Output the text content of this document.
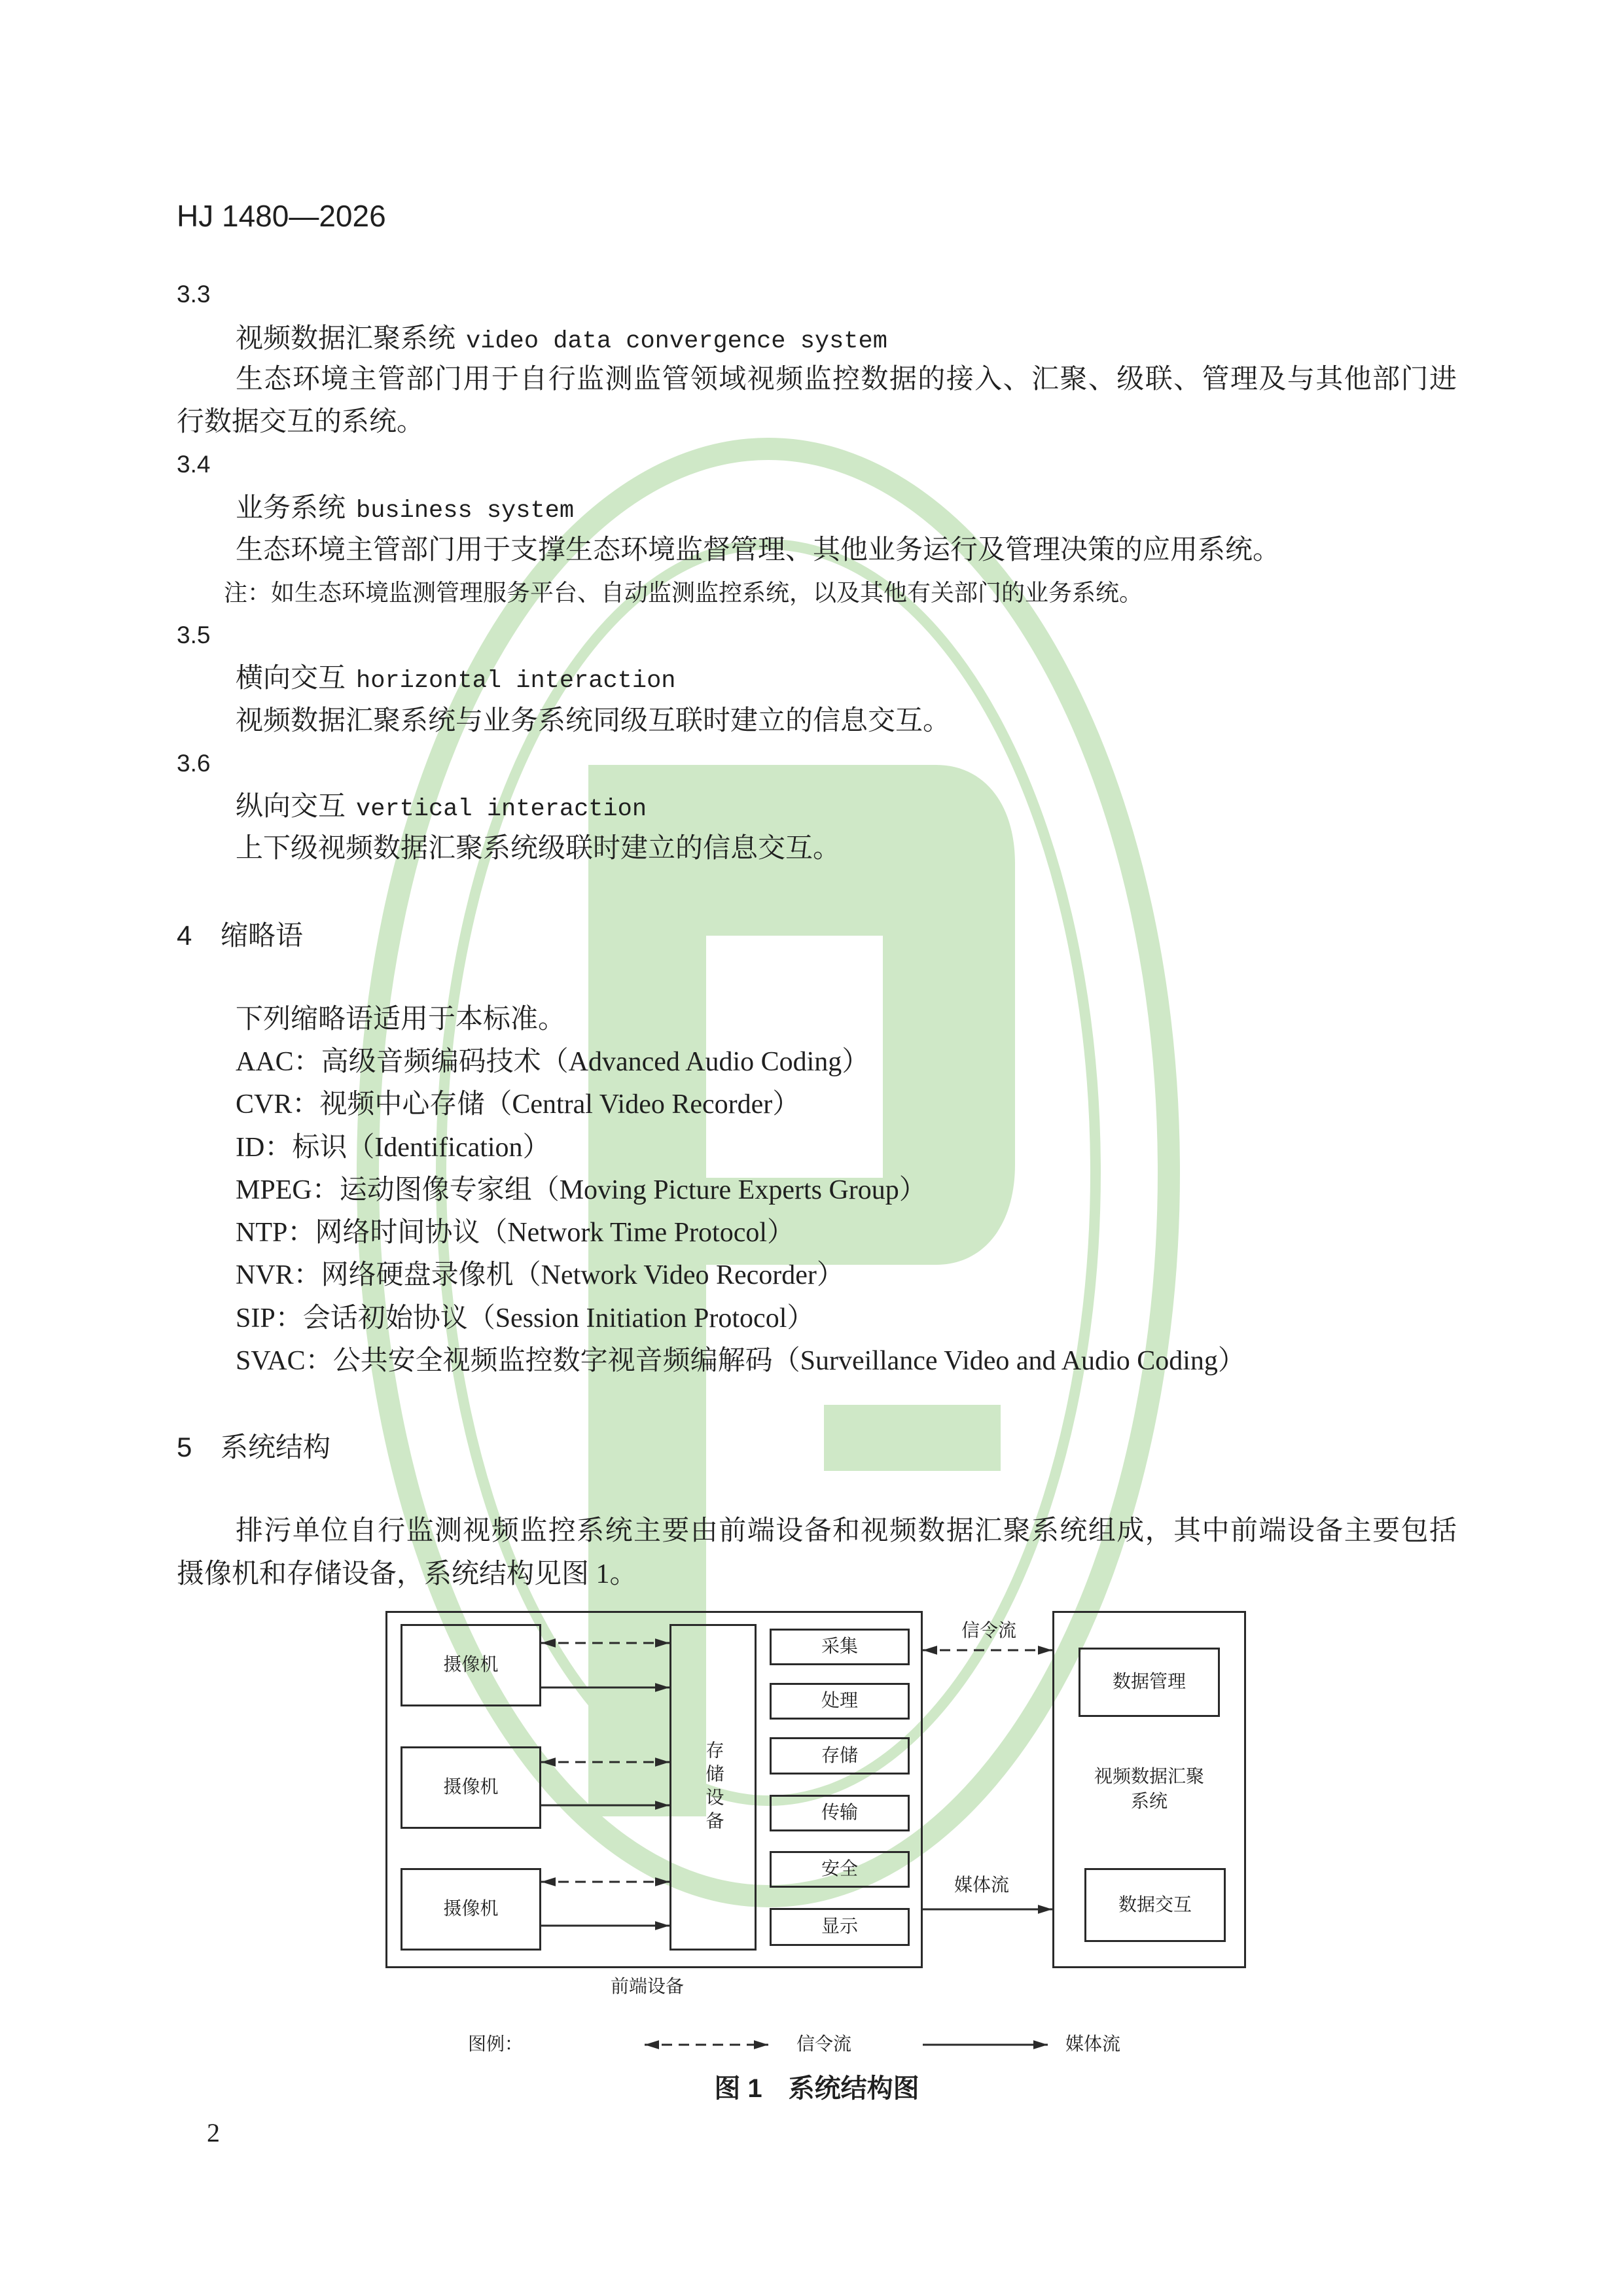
HJ 1480—2026
3.3
视频数据汇聚系统 video data convergence system
生态环境主管部门用于自行监测监管领域视频监控数据的接入、汇聚、级联、管理及与其他部门进
行数据交互的系统。
3.4
业务系统 business system
生态环境主管部门用于支撑生态环境监督管理、其他业务运行及管理决策的应用系统。
注：如生态环境监测管理服务平台、自动监测监控系统，以及其他有关部门的业务系统。
3.5
横向交互 horizontal interaction
视频数据汇聚系统与业务系统同级互联时建立的信息交互。
3.6
纵向交互 vertical interaction
上下级视频数据汇聚系统级联时建立的信息交互。
4 缩略语
下列缩略语适用于本标准。
AAC：高级音频编码技术（Advanced Audio Coding）
CVR：视频中心存储（Central Video Recorder）
ID：标识（Identification）
MPEG：运动图像专家组（Moving Picture Experts Group）
NTP：网络时间协议（Network Time Protocol）
NVR：网络硬盘录像机（Network Video Recorder）
SIP：会话初始协议（Session Initiation Protocol）
SVAC：公共安全视频监控数字视音频编解码（Surveillance Video and Audio Coding）
5 系统结构
排污单位自行监测视频监控系统主要由前端设备和视频数据汇聚系统组成，其中前端设备主要包括
摄像机和存储设备，系统结构见图 1。
摄像机
摄像机
摄像机
存储设备
采集
处理
存储
传输
安全
显示
数据管理
视频数据汇聚
系统
数据交互
信令流
媒体流
前端设备
图例：	信令流	媒体流
图 1　系统结构图
2
